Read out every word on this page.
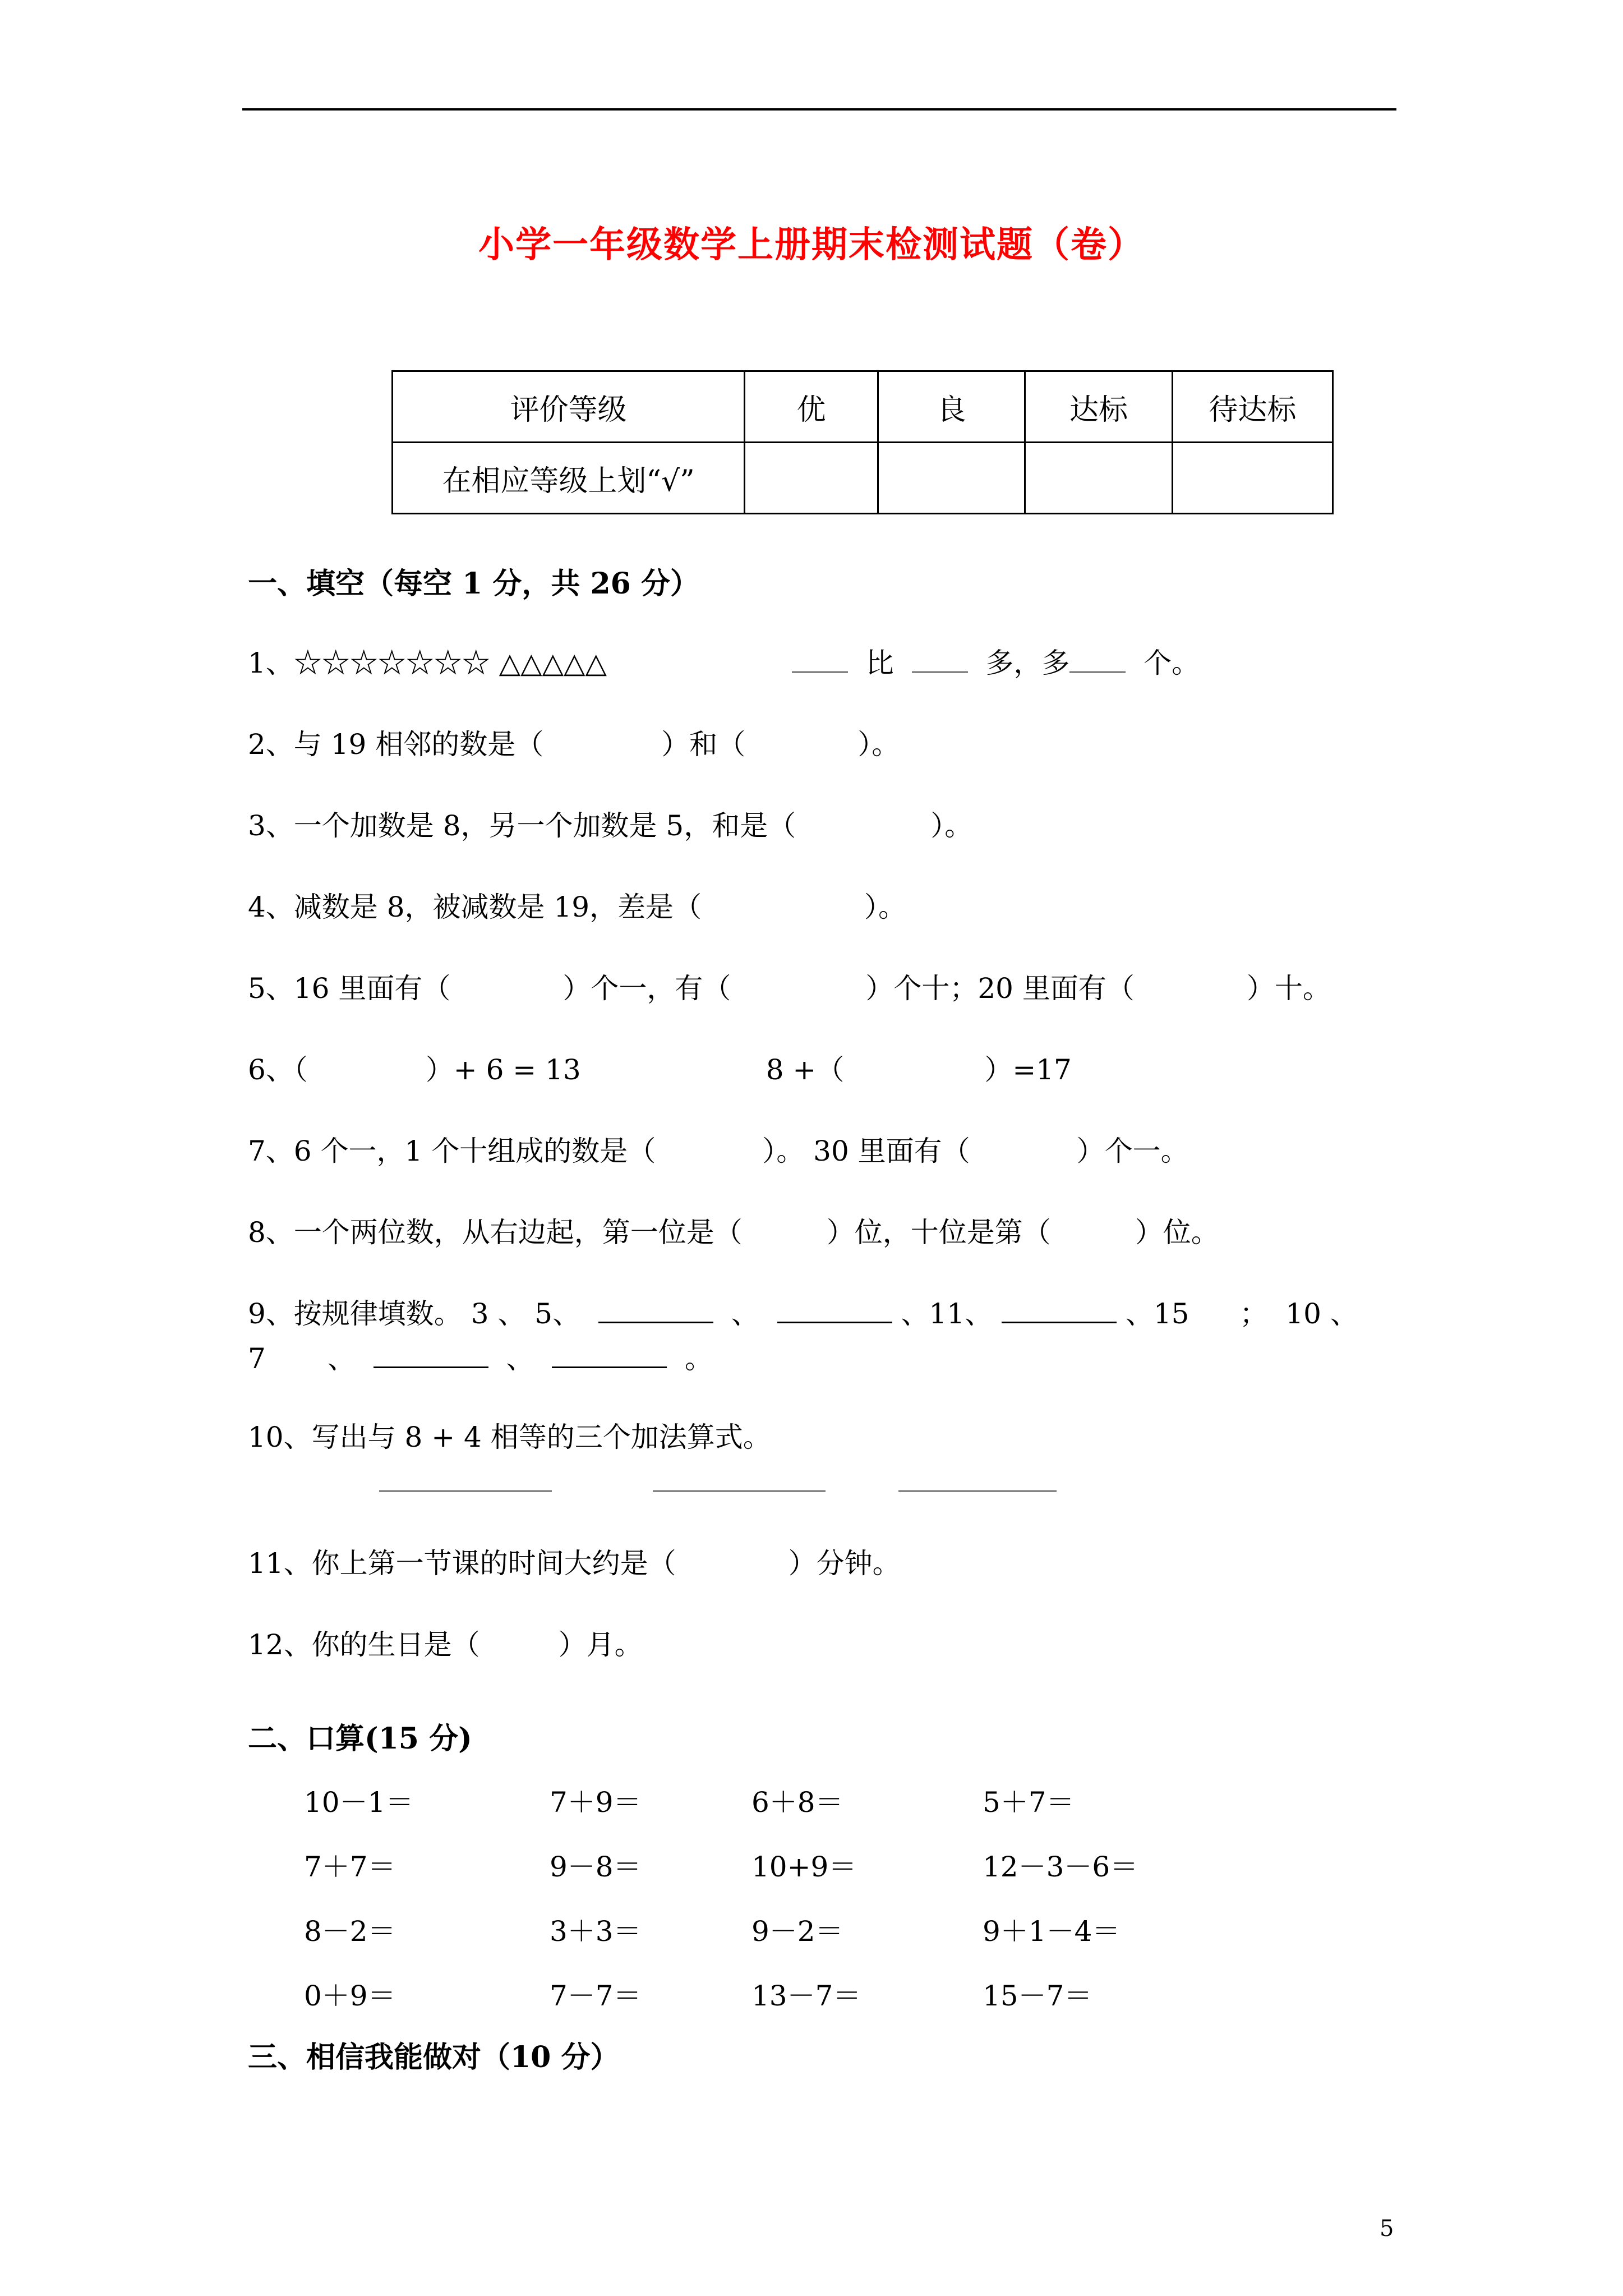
小学一年级数学上册期末检测试题（卷）
评价等级	优	良	达标	待达标
在相应等级上划“√”				
一、填空（每空 1 分，共 26 分）
1、☆☆☆☆☆☆☆ △△△△△	比	多，多	个。
2、与 19 相邻的数是（	）和（	）。
3、一个加数是 8，另一个加数是 5，和是（	）。
4、减数是 8，被减数是 19，差是（	）。
5、16 里面有（	）个一，有（	）个十；20 里面有（	）十。
6、（	）+ 6 = 13	8 +（	）=17
7、6 个一，1 个十组成的数是（	）。 30 里面有（	）个一。
8、一个两位数，从右边起，第一位是（	）位，十位是第（	）位。
9、按规律填数。 3 、 5、	、	、11、	、15 ；  10 、
7 、	、	。
10、写出与 8 + 4 相等的三个加法算式。
11、你上第一节课的时间大约是（	）分钟。
12、你的生日是（	）月。
二、口算(15 分)
10－1＝	7＋9＝	6＋8＝	5＋7＝
7＋7＝	9－8＝	10+9＝	12－3－6＝
8－2＝	3＋3＝	9－2＝	9＋1－4＝
0＋9＝	7－7＝	13－7＝	15－7＝
三、相信我能做对（10 分）
5
